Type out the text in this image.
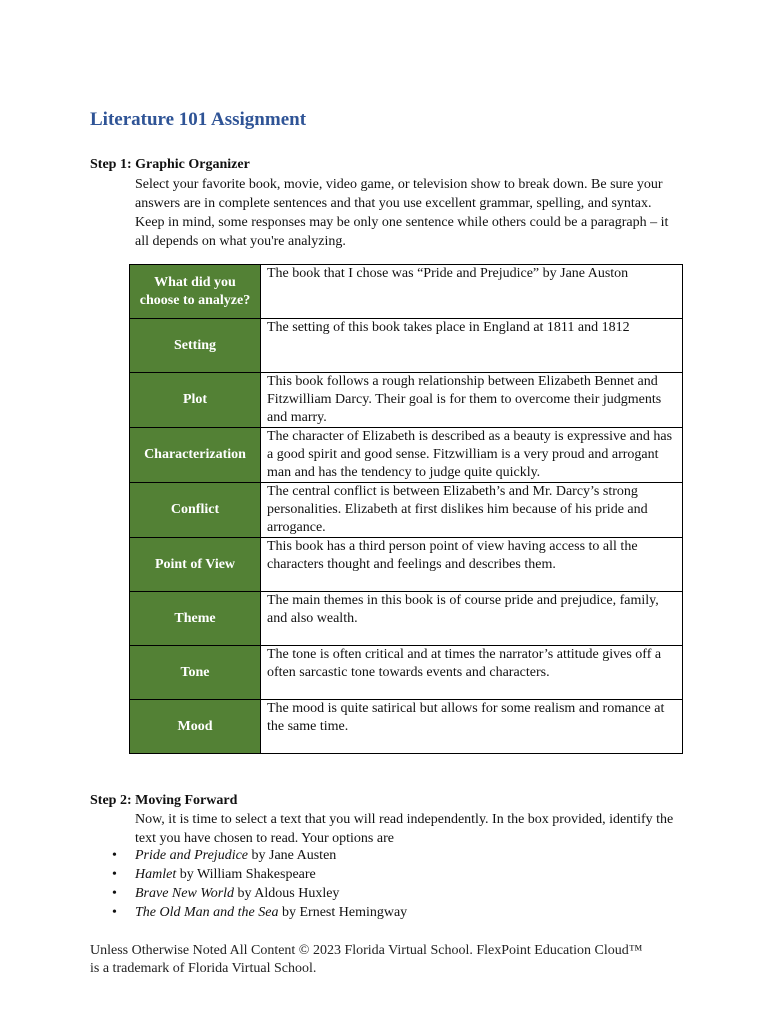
Literature 101 Assignment
Step 1: Graphic Organizer
Select your favorite book, movie, video game, or television show to break down. Be sure your answers are in complete sentences and that you use excellent grammar, spelling, and syntax. Keep in mind, some responses may be only one sentence while others could be a paragraph – it all depends on what you're analyzing.
What did you choose to analyze?	The book that I chose was “Pride and Prejudice” by Jane Auston
Setting	The setting of this book takes place in England at 1811 and 1812
Plot	This book follows a rough relationship between Elizabeth Bennet and Fitzwilliam Darcy. Their goal is for them to overcome their judgments and marry.
Characterization	The character of Elizabeth is described as a beauty is expressive and has a good spirit and good sense. Fitzwilliam is a very proud and arrogant man and has the tendency to judge quite quickly.
Conflict	The central conflict is between Elizabeth’s and Mr. Darcy’s strong personalities. Elizabeth at first dislikes him because of his pride and arrogance.
Point of View	This book has a third person point of view having access to all the characters thought and feelings and describes them.
Theme	The main themes in this book is of course pride and prejudice, family, and also wealth.
Tone	The tone is often critical and at times the narrator’s attitude gives off a often sarcastic tone towards events and characters.
Mood	The mood is quite satirical but allows for some realism and romance at the same time.
Step 2: Moving Forward
Now, it is time to select a text that you will read independently. In the box provided, identify the text you have chosen to read. Your options are
• Pride and Prejudice by Jane Austen
• Hamlet by William Shakespeare
• Brave New World by Aldous Huxley
• The Old Man and the Sea by Ernest Hemingway
Unless Otherwise Noted All Content © 2023 Florida Virtual School. FlexPoint Education Cloud™ is a trademark of Florida Virtual School.
